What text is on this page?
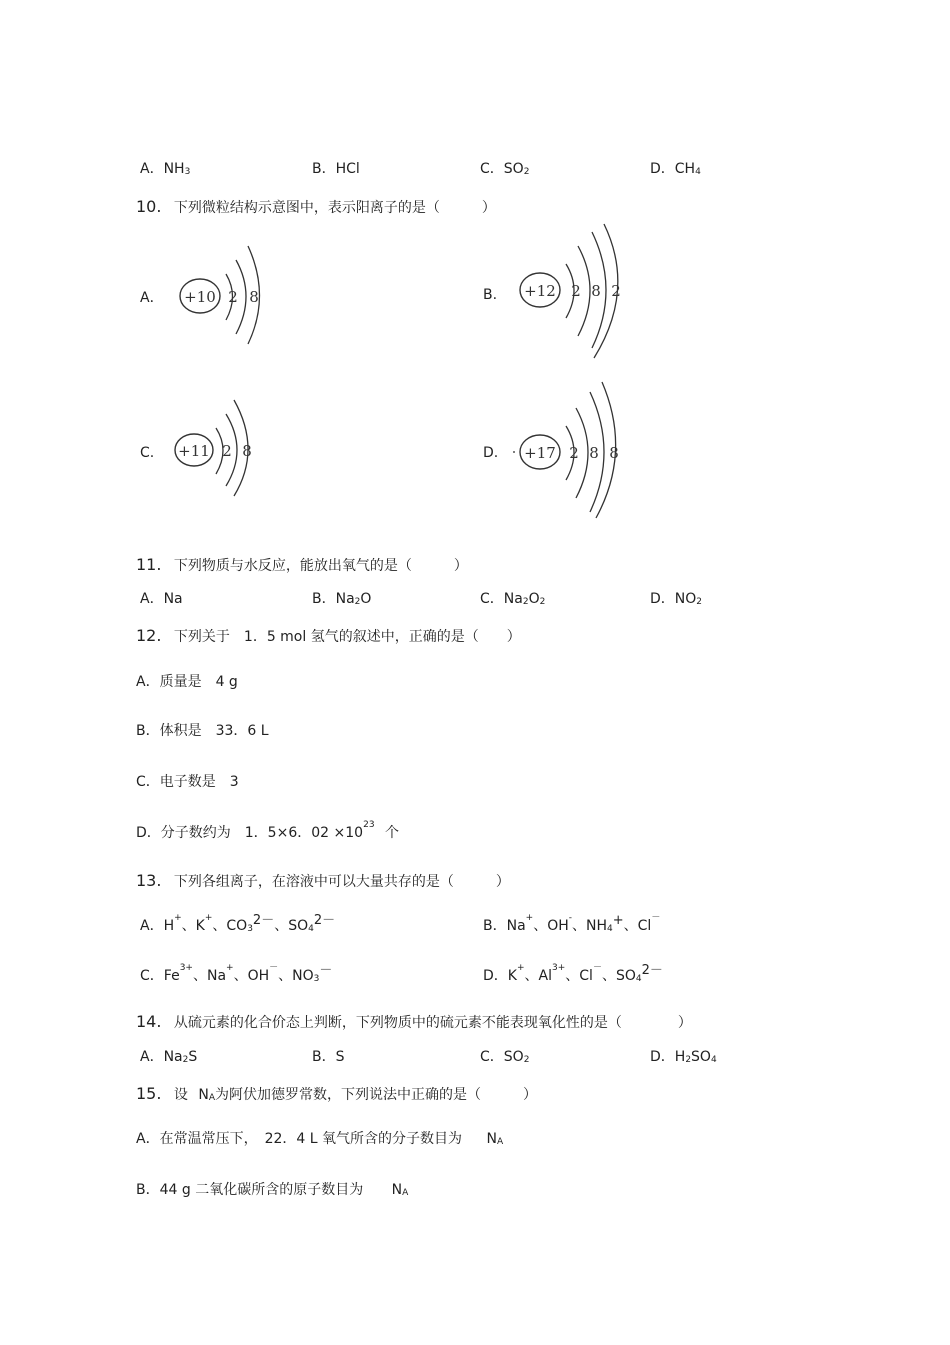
A．NH3	B．HCl	C．SO2	D．CH4
10. 下列微粒结构示意图中，表示阳离子的是（　　　）
A． +10 2 8	B. +12 2 8 2
C. +11 2 8	D. +17 2 8 8
11. 下列物质与水反应，能放出氧气的是（　　　）
A．Na	B．Na2O	C．Na2O2	D．NO2
12. 下列关于　1．5 mol 氢气的叙述中，正确的是（　　）
A．质量是　4 g
B．体积是　33．6 L
C．电子数是　3
D．分子数约为　1．5×6．$02 \times 10^{23}$ 个
13. 下列各组离子，在溶液中可以大量共存的是（　　　）
A．H+、K+、CO32－、SO42－	B．Na+、OH-、NH4+、Cl－
C．$Fe^{3+}$、Na+、OH－、NO3－	D．K+、$Al^{3+}$、Cl－、SO42－
14. 从硫元素的化合价态上判断，下列物质中的硫元素不能表现氧化性的是（　　　　）
A．Na2S	B．S	C．SO2	D．H2SO4
15. 设 NA为阿伏加德罗常数，下列说法中正确的是（　　　）
A．在常温常压下，　22．4 L 氧气所含的分子数目为 NA
B．44 g 二氧化碳所含的原子数目为 NA
